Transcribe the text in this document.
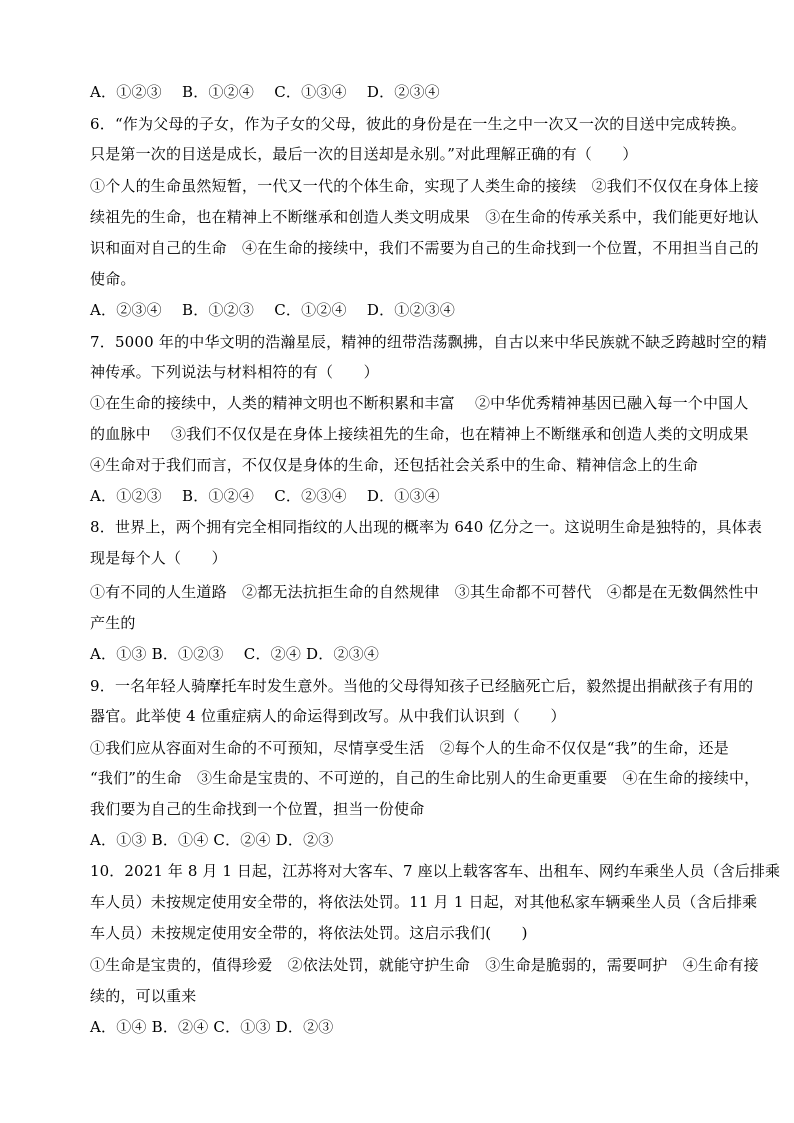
A．①②③　 B．①②④　 C．①③④　 D．②③④
6．“作为父母的子女，作为子女的父母，彼此的身份是在一生之中一次又一次的目送中完成转换。
只是第一次的目送是成长，最后一次的目送却是永别。”对此理解正确的有（　　）
①个人的生命虽然短暂，一代又一代的个体生命，实现了人类生命的接续　②我们不仅仅在身体上接
续祖先的生命，也在精神上不断继承和创造人类文明成果　③在生命的传承关系中，我们能更好地认
识和面对自己的生命　④在生命的接续中，我们不需要为自己的生命找到一个位置，不用担当自己的
使命。
A．②③④　 B．①②③　 C．①②④　 D．①②③④
7．5000 年的中华文明的浩瀚星辰，精神的纽带浩荡飘拂，自古以来中华民族就不缺乏跨越时空的精
神传承。下列说法与材料相符的有（　　）
①在生命的接续中，人类的精神文明也不断积累和丰富　 ②中华优秀精神基因已融入每一个中国人
的血脉中　 ③我们不仅仅是在身体上接续祖先的生命，也在精神上不断继承和创造人类的文明成果
④生命对于我们而言，不仅仅是身体的生命，还包括社会关系中的生命、精神信念上的生命
A．①②③　 B．①②④　 C．②③④　 D．①③④
8．世界上，两个拥有完全相同指纹的人出现的概率为 640 亿分之一。这说明生命是独特的，具体表
现是每个人（　　）
①有不同的人生道路　②都无法抗拒生命的自然规律　③其生命都不可替代　④都是在无数偶然性中
产生的
A．①③ B．①②③　 C．②④ D．②③④
9．一名年轻人骑摩托车时发生意外。当他的父母得知孩子已经脑死亡后，毅然提出捐献孩子有用的
器官。此举使 4 位重症病人的命运得到改写。从中我们认识到（　　）
①我们应从容面对生命的不可预知，尽情享受生活　②每个人的生命不仅仅是“我”的生命，还是
“我们”的生命　③生命是宝贵的、不可逆的，自己的生命比别人的生命更重要　④在生命的接续中，
我们要为自己的生命找到一个位置，担当一份使命
A．①③ B．①④ C．②④ D．②③
10．2021 年 8 月 1 日起，江苏将对大客车、7 座以上载客客车、出租车、网约车乘坐人员（含后排乘
车人员）未按规定使用安全带的，将依法处罚。11 月 1 日起，对其他私家车辆乘坐人员（含后排乘
车人员）未按规定使用安全带的，将依法处罚。这启示我们(　　)
①生命是宝贵的，值得珍爱　②依法处罚，就能守护生命　③生命是脆弱的，需要呵护　④生命有接
续的，可以重来
A．①④ B．②④ C．①③ D．②③
